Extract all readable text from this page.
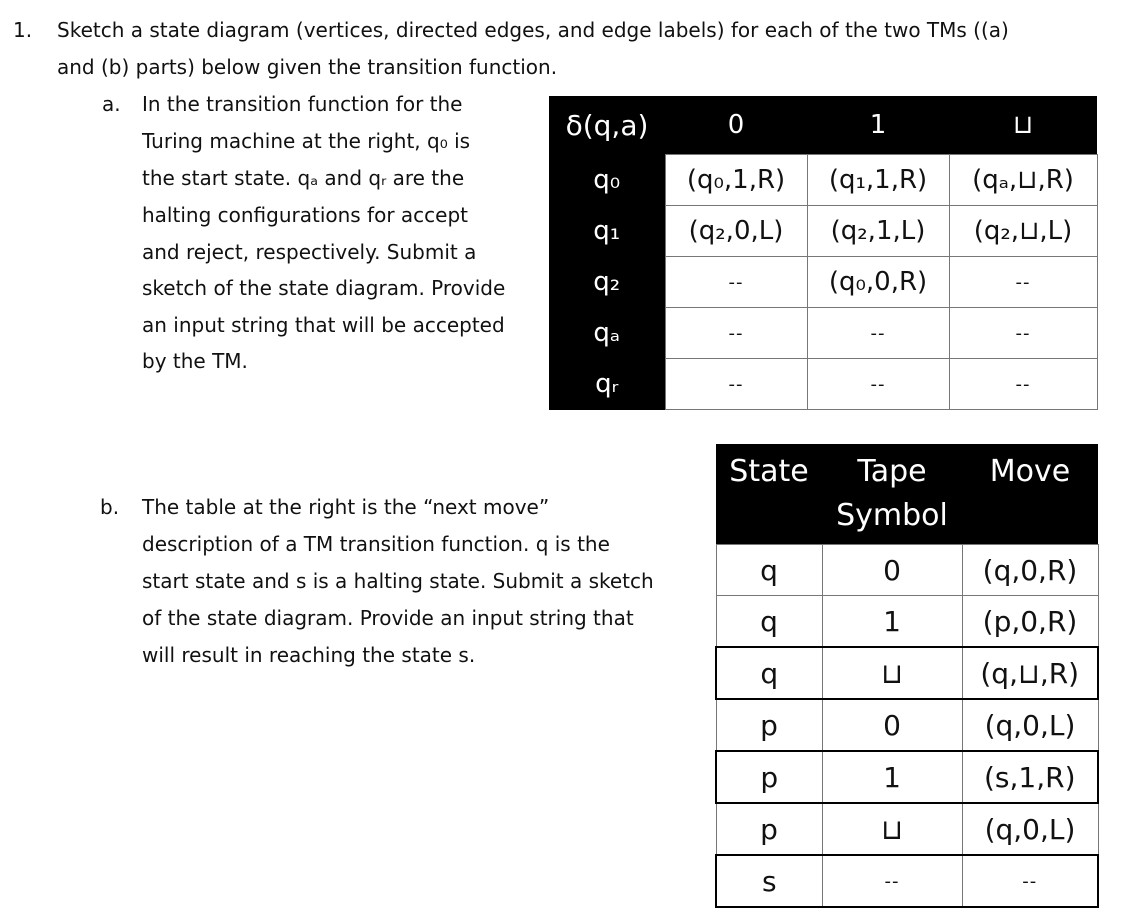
1. Sketch a state diagram (vertices, directed edges, and edge labels) for each of the two TMs ((a)
and (b) parts) below given the transition function.
a. In the transition function for the
Turing machine at the right, q₀ is
the start state. qₐ and qᵣ are the
halting configurations for accept
and reject, respectively. Submit a
sketch of the state diagram. Provide
an input string that will be accepted
by the TM.
δ(q,a)	0	1	⊔
q₀	(q₀,1,R)	(q₁,1,R)	(qₐ,⊔,R)
q₁	(q₂,0,L)	(q₂,1,L)	(q₂,⊔,L)
q₂	--	(q₀,0,R)	--
qₐ	--	--	--
qᵣ	--	--	--
b. The table at the right is the “next move”
description of a TM transition function. q is the
start state and s is a halting state. Submit a sketch
of the state diagram. Provide an input string that
will result in reaching the state s.
State	Tape Symbol	Move
q	0	(q,0,R)
q	1	(p,0,R)
q	⊔	(q,⊔,R)
p	0	(q,0,L)
p	1	(s,1,R)
p	⊔	(q,0,L)
s	--	--
